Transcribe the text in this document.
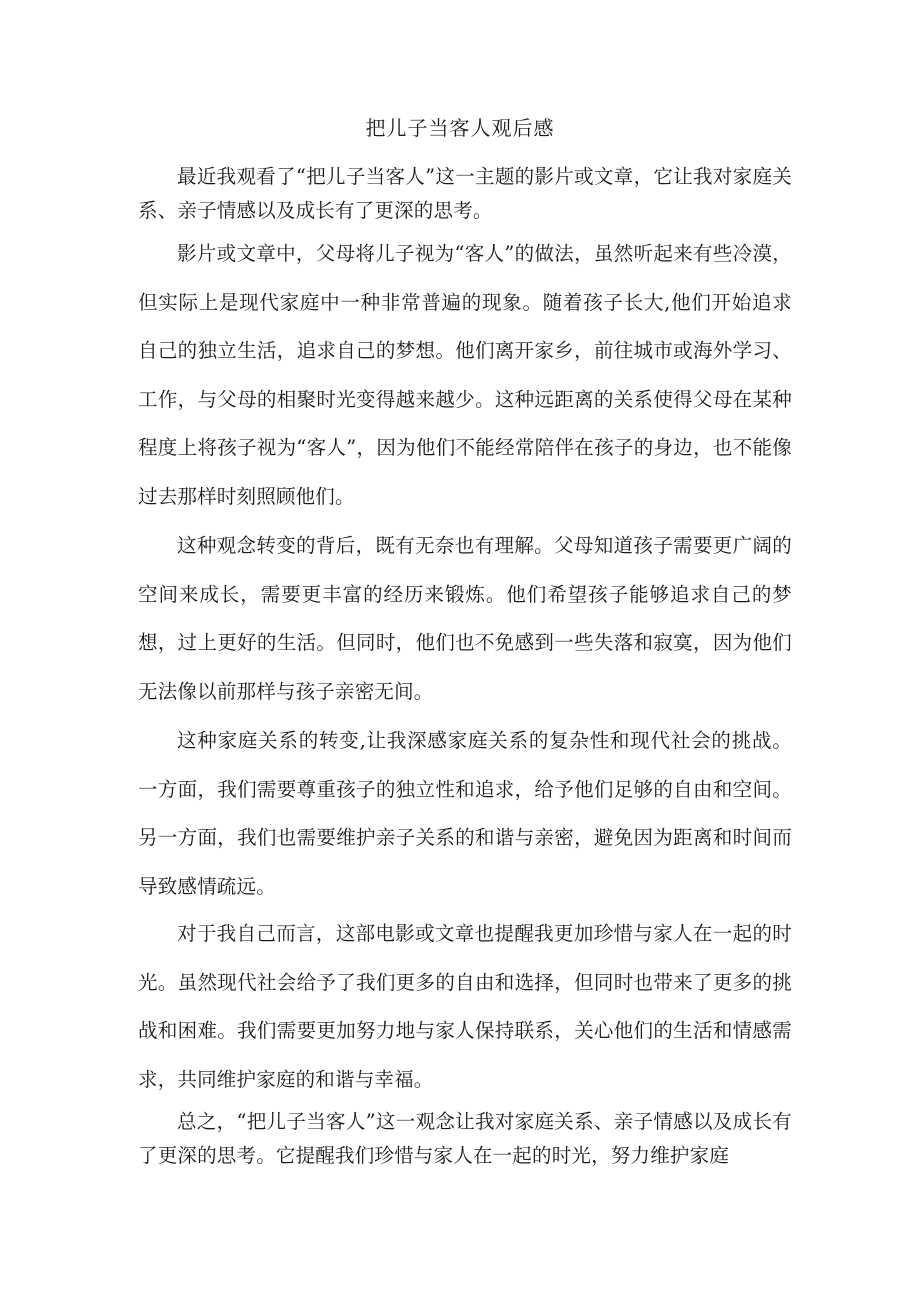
把儿子当客人观后感

最近我观看了“把儿子当客人”这一主题的影片或文章，它让我对家庭关系、亲子情感以及成长有了更深的思考。

影片或文章中，父母将儿子视为“客人”的做法，虽然听起来有些冷漠，但实际上是现代家庭中一种非常普遍的现象。随着孩子长大,他们开始追求自己的独立生活，追求自己的梦想。他们离开家乡，前往城市或海外学习、工作，与父母的相聚时光变得越来越少。这种远距离的关系使得父母在某种程度上将孩子视为“客人”，因为他们不能经常陪伴在孩子的身边，也不能像过去那样时刻照顾他们。

这种观念转变的背后，既有无奈也有理解。父母知道孩子需要更广阔的空间来成长，需要更丰富的经历来锻炼。他们希望孩子能够追求自己的梦想，过上更好的生活。但同时，他们也不免感到一些失落和寂寞，因为他们无法像以前那样与孩子亲密无间。

这种家庭关系的转变,让我深感家庭关系的复杂性和现代社会的挑战。一方面，我们需要尊重孩子的独立性和追求，给予他们足够的自由和空间。另一方面，我们也需要维护亲子关系的和谐与亲密，避免因为距离和时间而导致感情疏远。

对于我自己而言，这部电影或文章也提醒我更加珍惜与家人在一起的时光。虽然现代社会给予了我们更多的自由和选择，但同时也带来了更多的挑战和困难。我们需要更加努力地与家人保持联系，关心他们的生活和情感需求，共同维护家庭的和谐与幸福。

总之，“把儿子当客人”这一观念让我对家庭关系、亲子情感以及成长有了更深的思考。它提醒我们珍惜与家人在一起的时光，努力维护家庭
